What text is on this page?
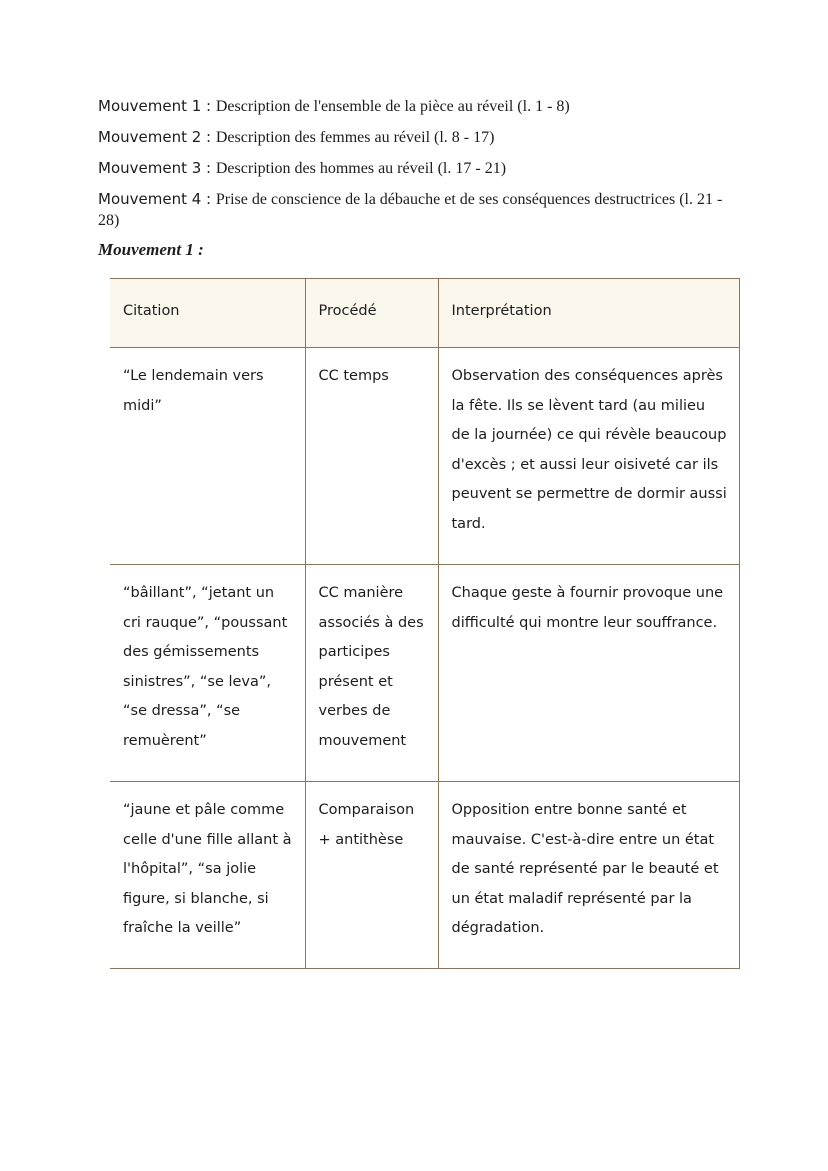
Mouvement 1 : Description de l'ensemble de la pièce au réveil (l. 1 - 8)

Mouvement 2 : Description des femmes au réveil (l. 8 - 17)

Mouvement 3 : Description des hommes au réveil (l. 17 - 21)

Mouvement 4 : Prise de conscience de la débauche et de ses conséquences destructrices (l. 21 - 28)

Mouvement 1 :
Citation	Procédé	Interprétation
“Le lendemain vers midi”	CC temps	Observation des conséquences après la fête. Ils se lèvent tard (au milieu de la journée) ce qui révèle beaucoup d'excès ; et aussi leur oisiveté car ils peuvent se permettre de dormir aussi tard.
“bâillant”, “jetant un cri rauque”, “poussant des gémissements sinistres”, “se leva”, “se dressa”, “se remuèrent”	CC manière associés à des participes présent et verbes de mouvement	Chaque geste à fournir provoque une difficulté qui montre leur souffrance.
“jaune et pâle comme celle d'une fille allant à l'hôpital”, “sa jolie figure, si blanche, si fraîche la veille”	Comparaison + antithèse	Opposition entre bonne santé et mauvaise. C'est-à-dire entre un état de santé représenté par le beauté et un état maladif représenté par la dégradation.
